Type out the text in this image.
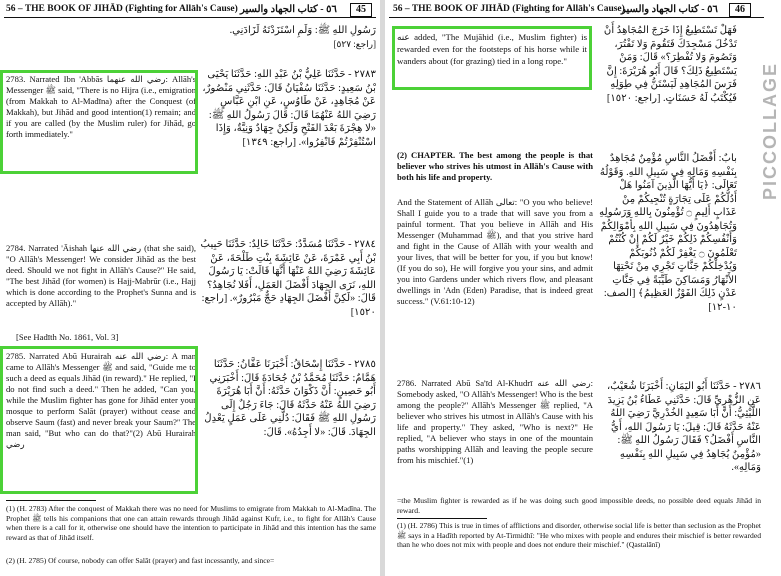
56 – THE BOOK OF JIHĀD (Fighting for Allāh's Cause) ٥٦ - كتاب الجهاد والسير	45
رَسُولِ اللهِ ﷺ: وَلَمِ اسْتَزَدْتَهُ لَزَادَنِي.
[راجع: ٥٢٧]
2783. Narrated Ibn 'Abbās رضي الله عنهما: Allāh's Messenger ﷺ said, "There is no Hijra (i.e., emigration (from Makkah to Al-Madīna) after the Conquest (of Makkah), but Jihād and good intention(1) remain; and if you are called (by the Muslim ruler) for Jihād, go forth immediately."
٢٧٨٣ - حَدَّثَنَا عَلِيُّ بْنُ عَبْدِ اللهِ: حَدَّثَنَا يَحْيَى بْنُ سَعِيدٍ: حَدَّثَنَا سُفْيَانُ قَالَ: حَدَّثَنِي مَنْصُورٌ، عَنْ مُجَاهِدٍ، عَنْ طَاوُسٍ، عَنِ ابْنِ عَبَّاسٍ رَضِيَ اللهُ عَنْهُمَا قَالَ: قَالَ رَسُولُ اللهِ ﷺ: «لا هِجْرَةَ بَعْدَ الفَتْحِ وَلَكِنْ جِهَادٌ وَنِيَّةٌ، وَإِذَا اسْتُنْفِرْتُمْ فَانْفِرُوا». [راجع: ١٣٤٩]
2784. Narrated 'Āishah رضي الله عنها (that she said), "O Allāh's Messenger! We consider Jihād as the best deed. Should we not fight in Allāh's Cause?" He said, "The best Jihād (for women) is Hajj-Mabrūr (i.e., Hajj which is done according to the Prophet's Sunna and is accepted by Allāh)."
[See Hadīth No. 1861, Vol. 3]
٢٧٨٤ - حَدَّثَنَا مُسَدَّدٌ: حَدَّثَنَا خَالِدٌ: حَدَّثَنَا حَبِيبُ بْنُ أَبِي عَمْرَةَ، عَنْ عَائِشَةَ بِنْتِ طَلْحَةَ، عَنْ عَائِشَةَ رَضِيَ اللهُ عَنْهَا أَنَّهَا قَالَتْ: يَا رَسُولَ اللهِ، نَرَى الجِهَادَ أَفْضَلَ العَمَلِ، أَفَلا نُجَاهِدُ؟ قَالَ: «لَكِنَّ أَفْضَلَ الجِهَادِ حَجٌّ مَبْرُورٌ». [راجع: ١٥٢٠]
2785. Narrated Abū Hurairah رضي الله عنه: A man came to Allāh's Messenger ﷺ and said, "Guide me to such a deed as equals Jihād (in reward)." He replied, "I do not find such a deed." Then he added, "Can you, while the Muslim fighter has gone for Jihād enter your mosque to perform Salāt (prayer) without cease and observe Saum (fast) and never break your Saum?" The man said, "But who can do that?"(2) Abū Hurairah رضي
٢٧٨٥ - حَدَّثَنَا إِسْحَاقُ: أَخْبَرَنَا عَفَّانُ: حَدَّثَنَا هَمَّامٌ: حَدَّثَنَا مُحَمَّدُ بْنُ جُحَادَةَ قَالَ: أَخْبَرَنِي أَبُو حَصِينٍ: أَنَّ ذَكْوَانَ حَدَّثَهُ: أَنَّ أَبَا هُرَيْرَةَ رَضِيَ اللهُ عَنْهُ حَدَّثَهُ قَالَ: جَاءَ رَجُلٌ إِلَى رَسُولِ اللهِ ﷺ فَقَالَ: دُلَّنِي عَلَى عَمَلٍ يَعْدِلُ الجِهَادَ. قَالَ: «لا أَجِدُهُ». قَالَ:
(1) (H. 2783) After the conquest of Makkah there was no need for Muslims to emigrate from Makkah to Al-Madīna. The Prophet ﷺ tells his companions that one can attain rewards through Jihād against Kufr, i.e., to fight for Allāh's Cause when there is a call for it, otherwise one should have the intention to participate in Jihād and this intention has the same reward as that of Jihād itself.
(2) (H. 2785) Of course, nobody can offer Salāt (prayer) and fast incessantly, and since=
56 – THE BOOK OF JIHĀD (Fighting for Allāh's Cause)
٥٦ - كتاب الجهاد والسير	46
عنه added, "The Mujāhid (i.e., Muslim fighter) is rewarded even for the footsteps of his horse while it wanders about (for grazing) tied in a long rope."
فَهَلْ تَسْتَطِيعُ إِذَا خَرَجَ المُجَاهِدُ أَنْ تَدْخُلَ مَسْجِدَكَ فَتَقُومَ وَلا تَفْتُرَ، وَتَصُومَ وَلا تُفْطِرَ؟» قَالَ: وَمَنْ يَسْتَطِيعُ ذَلِكَ؟ قَالَ أَبُو هُرَيْرَةَ: إِنَّ فَرَسَ المُجَاهِدِ لَيَسْتَنُّ فِي طِوَلِهِ فَيُكْتَبُ لَهُ حَسَنَاتٍ. [راجع: ١٥٢٠]
(2) CHAPTER. The best among the people is that believer who strives his utmost in Allāh's Cause with both his life and property.
And the Statement of Allāh تعالى: "O you who believe! Shall I guide you to a trade that will save you from a painful torment. That you believe in Allāh and His Messenger (Muhammad ﷺ), and that you strive hard and fight in the Cause of Allāh with your wealth and your lives, that will be better for you, if you but know! (If you do so), He will forgive you your sins, and admit you into Gardens under which rivers flow, and pleasant dwellings in 'Adn (Eden) Paradise, that is indeed great success." (V.61:10-12)
بابٌ: أَفْضَلُ النَّاسِ مُؤْمِنٌ مُجَاهِدٌ بِنَفْسِهِ وَمَالِهِ فِي سَبِيلِ اللهِ. وَقَوْلُهُ تَعَالَى: ﴿يَا أَيُّهَا الَّذِينَ آمَنُوا هَلْ أَدُلُّكُمْ عَلَى تِجَارَةٍ تُنْجِيكُمْ مِنْ عَذَابٍ أَلِيمٍ ۝ تُؤْمِنُونَ بِاللهِ وَرَسُولِهِ وَتُجَاهِدُونَ فِي سَبِيلِ اللهِ بِأَمْوَالِكُمْ وَأَنْفُسِكُمْ ذَلِكُمْ خَيْرٌ لَكُمْ إِنْ كُنْتُمْ تَعْلَمُونَ ۝ يَغْفِرْ لَكُمْ ذُنُوبَكُمْ وَيُدْخِلْكُمْ جَنَّاتٍ تَجْرِي مِنْ تَحْتِهَا الأَنْهَارُ وَمَسَاكِنَ طَيِّبَةً فِي جَنَّاتِ عَدْنٍ ذَلِكَ الفَوْزُ العَظِيمُ﴾ [الصف: ١٠-١٢]
2786. Narrated Abū Sa'īd Al-Khudrī رضي الله عنه: Somebody asked, "O Allāh's Messenger! Who is the best among the people?" Allāh's Messenger ﷺ replied, "A believer who strives his utmost in Allāh's Cause with his life and property." They asked, "Who is next?" He replied, "A believer who stays in one of the mountain paths worshipping Allāh and leaving the people secure from his mischief."(1)
٢٧٨٦ - حَدَّثَنَا أَبُو اليَمَانِ: أَخْبَرَنَا شُعَيْبٌ، عَنِ الزُّهْرِيِّ قَالَ: حَدَّثَنِي عَطَاءُ بْنُ يَزِيدَ اللَّيْثِيُّ: أَنَّ أَبَا سَعِيدٍ الخُدْرِيَّ رَضِيَ اللهُ عَنْهُ حَدَّثَهُ قَالَ: قِيلَ: يَا رَسُولَ اللهِ، أَيُّ النَّاسِ أَفْضَلُ؟ فَقَالَ رَسُولُ اللهِ ﷺ: «مُؤْمِنٌ يُجَاهِدُ فِي سَبِيلِ اللهِ بِنَفْسِهِ وَمَالِهِ».
=the Muslim fighter is rewarded as if he was doing such good impossible deeds, no possible deed equals Jihād in reward.
(1) (H. 2786) This is true in times of afflictions and disorder, otherwise social life is better than seclusion as the Prophet ﷺ says in a Hadīth reported by At-Tirmidhī: "He who mixes with people and endures their mischief is better rewarded than he who does not mix with people and does not endure their mischief." (Qastalānī)
PICCOLLAGE
